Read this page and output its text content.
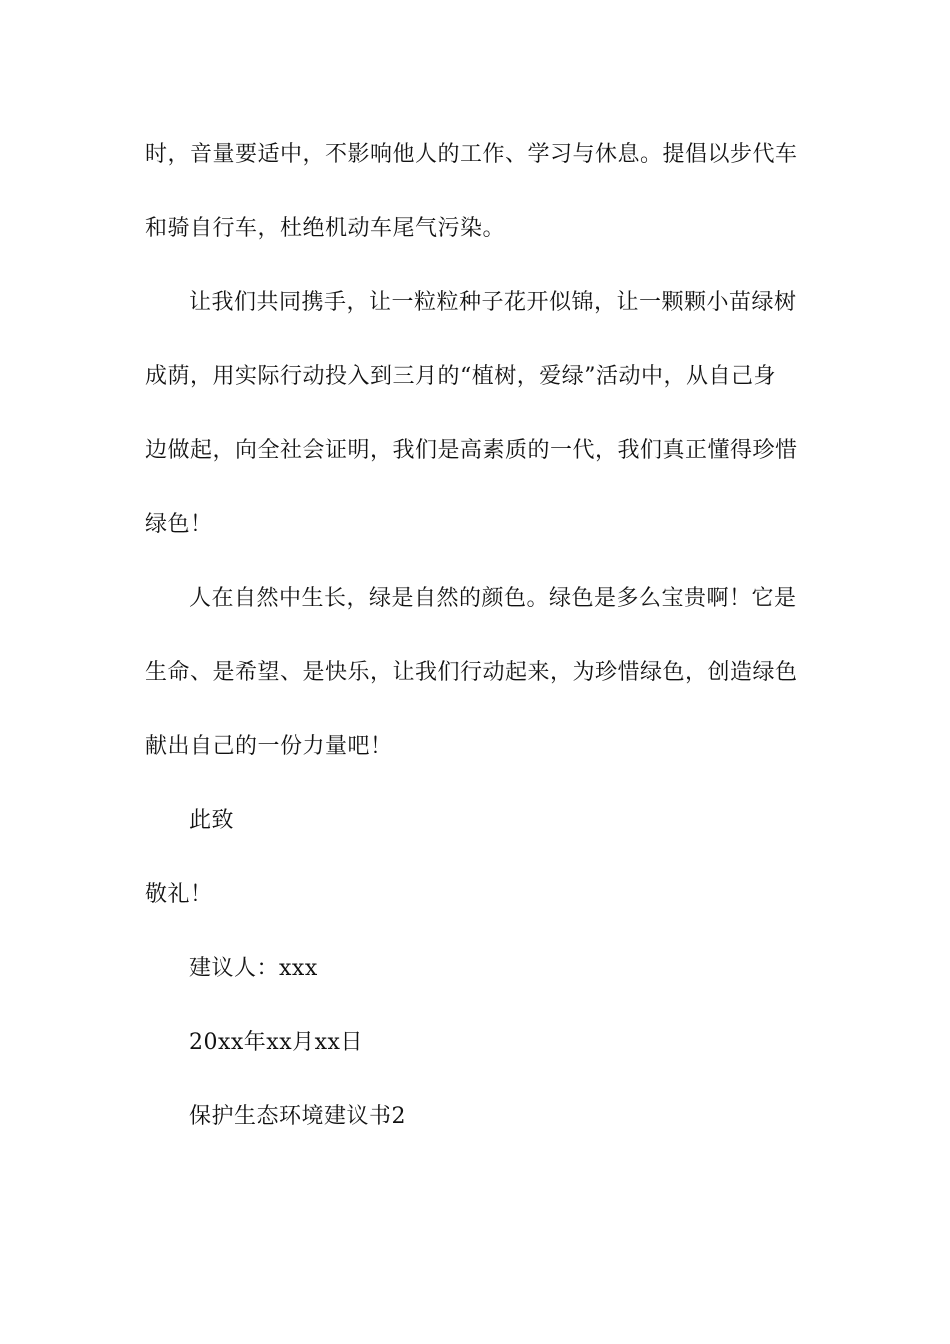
时，音量要适中，不影响他人的工作、学习与休息。提倡以步代车
和骑自行车，杜绝机动车尾气污染。
让我们共同携手，让一粒粒种子花开似锦，让一颗颗小苗绿树
成荫，用实际行动投入到三月的“植树，爱绿”活动中，从自己身
边做起，向全社会证明，我们是高素质的一代，我们真正懂得珍惜
绿色！
人在自然中生长，绿是自然的颜色。绿色是多么宝贵啊！它是
生命、是希望、是快乐，让我们行动起来，为珍惜绿色，创造绿色
献出自己的一份力量吧！
此致
敬礼！
建议人：xxx
20xx年xx月xx日
保护生态环境建议书2
